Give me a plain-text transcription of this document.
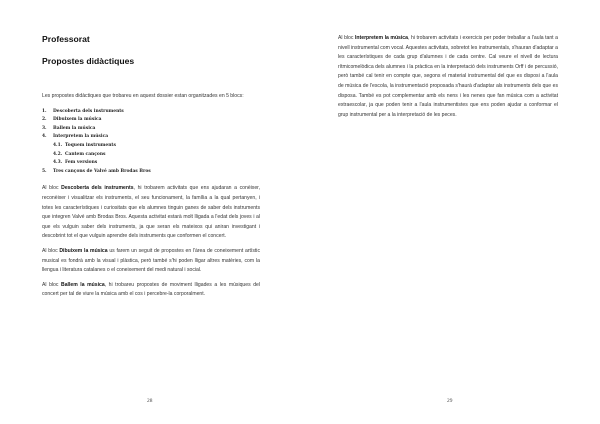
Professorat
Propostes didàctiques

Les propostes didàctiques que trobareu en aquest dossier estan organitzades en 5 blocs:

1. Descoberta dels instruments
2. Dibuixem la música
3. Ballem la música
4. Interpretem la música
4.1. Toquem instruments
4.2. Cantem cançons
4.3. Fem versions
5. Tres cançons de Valvé amb Brodas Bros

Al bloc Descoberta dels instruments, hi trobarem activitats que ens ajudaran a conèixer, reconèixer i visualitzar els instruments, el seu funcionament, la família a la qual pertanyen, i totes les característiques i curiositats que els alumnes tinguin ganes de saber dels instruments que integren Valvé amb Brodas Bros. Aquesta activitat estarà molt lligada a l'edat dels joves i al que els vulguin saber dels instruments, ja que seran els mateixos qui aniran investigant i descobrint tot el que vulguin aprendre dels instruments que conformen el concert.

Al bloc Dibuixem la música us farem un seguit de propostes en l'àrea de coneixement artístic musical es fondrà amb la visual i plàstica, però també s'hi poden lligar altres matèries, com la llengua i literatura catalanes o el coneixement del medi natural i social.

Al bloc Ballem la música, hi trobareu propostes de moviment lligades a les músiques del concert per tal de viure la música amb el cos i percebre-la corporalment.

28

Al bloc Interpretem la música, hi trobarem activitats i exercicis per poder treballar a l'aula tant a nivell instrumental com vocal. Aquestes activitats, sobretot les instrumentals, s'hauran d'adaptar a les característiques de cada grup d'alumnes i de cada centre. Cal veure el nivell de lectura rítmicomelòdica dels alumnes i la pràctica en la interpretació dels instruments Orff i de percussió, però també cal tenir en compte que, segons el material instrumental del que es disposi a l'aula de música de l'escola, la instrumentació proposada s'haurà d'adaptar als instruments dels que es disposa. També es pot complementar amb els nens i les nenes que fan música com a activitat extraescolar, ja que poden tenir a l'aula instrumentistes que ens poden ajudar a conformar el grup instrumental per a la interpretació de les peces.

29
